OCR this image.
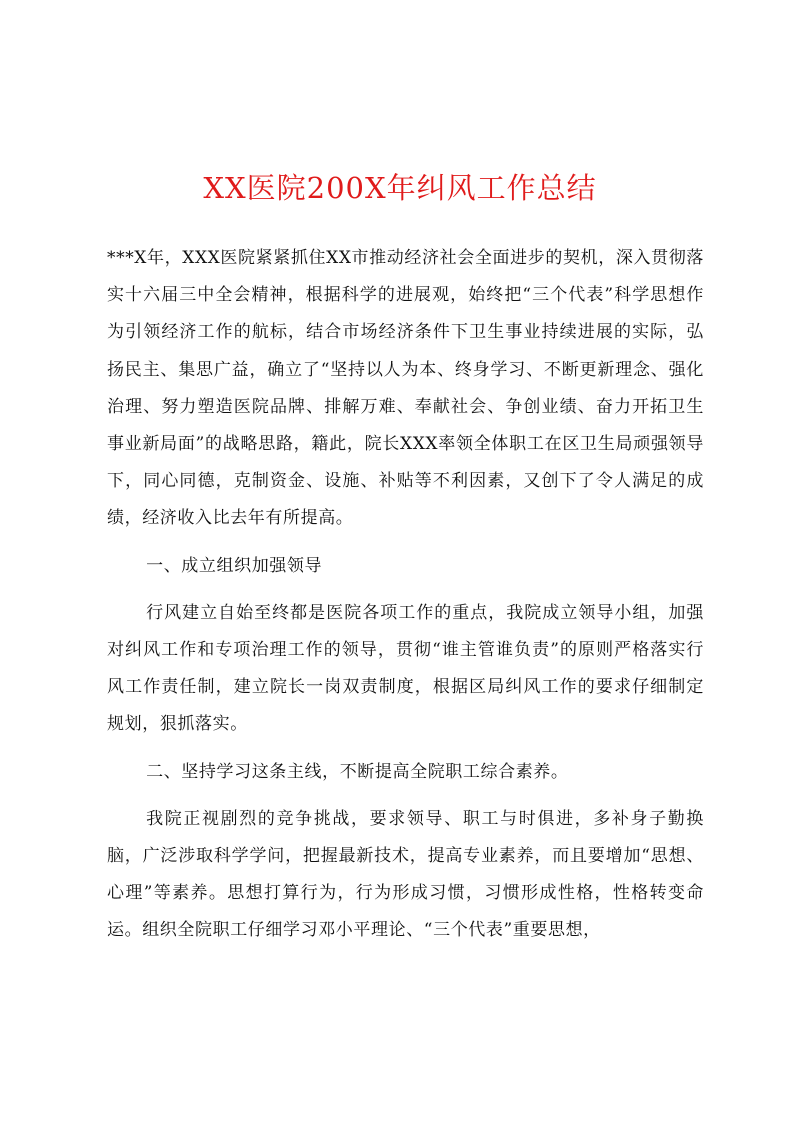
XX医院200X年纠风工作总结

***X年，XXX医院紧紧抓住XX市推动经济社会全面进步的契机，深入贯彻落实十六届三中全会精神，根据科学的进展观，始终把“三个代表”科学思想作为引领经济工作的航标，结合市场经济条件下卫生事业持续进展的实际，弘扬民主、集思广益，确立了“坚持以人为本、终身学习、不断更新理念、强化治理、努力塑造医院品牌、排解万难、奉献社会、争创业绩、奋力开拓卫生事业新局面”的战略思路，籍此，院长XXX率领全体职工在区卫生局顽强领导下，同心同德，克制资金、设施、补贴等不利因素，又创下了令人满足的成绩，经济收入比去年有所提高。

一、成立组织加强领导

行风建立自始至终都是医院各项工作的重点，我院成立领导小组，加强对纠风工作和专项治理工作的领导，贯彻“谁主管谁负责”的原则严格落实行风工作责任制，建立院长一岗双责制度，根据区局纠风工作的要求仔细制定规划，狠抓落实。

二、坚持学习这条主线，不断提高全院职工综合素养。

我院正视剧烈的竞争挑战，要求领导、职工与时俱进，多补身子勤换脑，广泛涉取科学学问，把握最新技术，提高专业素养，而且要增加“思想、心理”等素养。思想打算行为，行为形成习惯，习惯形成性格，性格转变命运。组织全院职工仔细学习邓小平理论、“三个代表”重要思想，
